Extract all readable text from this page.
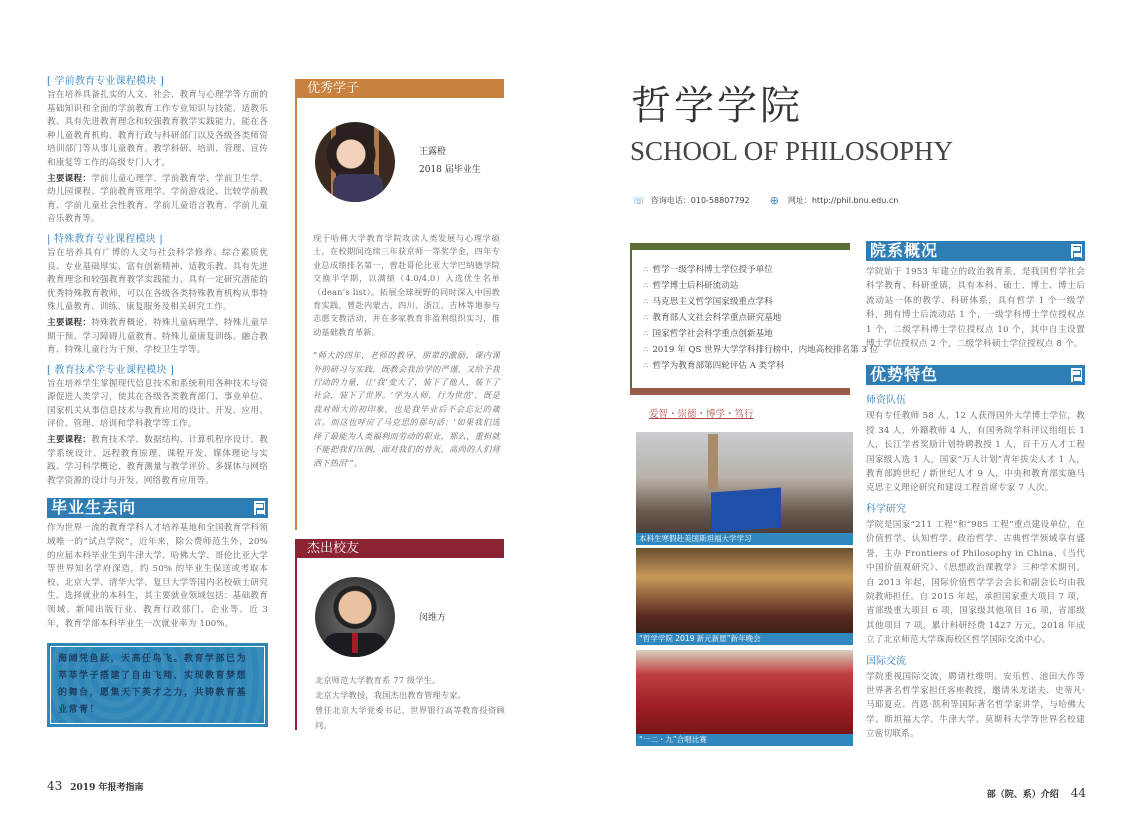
[ 学前教育专业课程模块 ]
旨在培养具备扎实的人文、社会、教育与心理学等方面的基础知识和全面的学前教育工作专业知识与技能、适教乐教、具有先进教育理念和较强教育教学实践能力，能在各种儿童教育机构、教育行政与科研部门以及各级各类师资培训部门等从事儿童教育、教学科研、培训、管理、宣传和康复等工作的高级专门人才。
主要课程：学前儿童心理学、学前教育学、学前卫生学、幼儿园课程、学前教育管理学、学前游戏论、比较学前教育、学前儿童社会性教育、学前儿童语言教育、学前儿童音乐教育等。
| 特殊教育专业课程模块 |
旨在培养具有广博的人文与社会科学修养、综合素质优良、专业基础厚实、富有创新精神、适教乐教、具有先进教育理念和较强教育教学实践能力、具有一定研究潜能的优秀特殊教育教师，可以在各级各类特殊教育机构从事特殊儿童教育、训练、康复服务及相关研究工作。
主要课程：特殊教育概论、特殊儿童病理学、特殊儿童早期干预、学习障碍儿童教育、特殊儿童康复训练、融合教育、特殊儿童行为干预、学校卫生学等。
[ 教育技术学专业课程模块 ]
旨在培养学生掌握现代信息技术和系统利用各种技术与资源促进人类学习，使其在各级各类教育部门、事业单位、国家机关从事信息技术与教育应用的设计、开发、应用、评价、管理、培训和学科教学等工作。
主要课程：教育技术学、数据结构、计算机程序设计、教学系统设计、远程教育原理、课程开发、媒体理论与实践、学习科学概论、教育测量与教学评价、多媒体与网络教学资源的设计与开发、网络教育应用等。
毕业生去向
作为世界一流的教育学科人才培养基地和全国教育学科领域唯一的“试点学院”，近年来，除公费师范生外，20% 的应届本科毕业生到牛津大学、哈佛大学、哥伦比亚大学等世界知名学府深造，约 50% 的毕业生保送或考取本校、北京大学、清华大学、复旦大学等国内名校硕士研究生。选择就业的本科生，其主要就业领域包括：基础教育领域、新闻出版行业、教育行政部门、企业等。近 3 年，教育学部本科毕业生一次就业率为 100%。
海阔凭鱼跃，天高任鸟飞。教育学部已为莘莘学子搭建了自由飞翔、实现教育梦想的舞台，愿集天下英才之力，共铸教育基业常青！
43 2019 年报考指南
优秀学子
王露橙
2018 届毕业生
现于哈佛大学教育学院攻读人类发展与心理学硕士，在校期间连续三年获京师一等奖学金，四年专业总成绩排名第一，曾赴哥伦比亚大学巴纳德学院交换半学期，以满绩（4.0/4.0）入选优生名单（dean’s list）。拓展全球视野的同时深入中国教育实践，曾赴内蒙古、四川、浙江、吉林等地参与志愿支教活动，并在多家教育非盈利组织实习，推动基础教育革新。
“师大的四年，老师的教导，朋辈的激励，课内课外的研习与实践，既教会我治学的严谨，又给予我行动的力量，让‘我’变大了，装下了他人，装下了社会，装下了世界。‘学为人师，行为世范’，既是我对师大的初印象，也是我毕业后不会忘记的箴言。而这也呼应了马克思的那句话：‘如果我们选择了最能为人类福利而劳动的职业，那么，重担就不能把我们压倒，面对我们的骨灰，高尚的人们将洒下热泪’”。
杰出校友
闵维方
北京师范大学教育系 77 级学生。
北京大学教授，我国杰出教育管理专家。
曾任北京大学党委书记、世界银行高等教育投资顾问。
哲学学院
SCHOOL OF PHILOSOPHY
☏ 咨询电话：010-58807792 ⊕ 网址：http://phil.bnu.edu.cn
∴ 哲学一级学科博士学位授予单位
∴ 哲学博士后科研流动站
∴ 马克思主义哲学国家级重点学科
∴ 教育部人文社会科学重点研究基地
∴ 国家哲学社会科学重点创新基地
∴ 2019 年 QS 世界大学学科排行榜中，内地高校排名第 3 位
∴ 哲学为教育部第四轮评估 A 类学科
爱智・崇德・博学・笃行
本科生寒假赴美国斯坦福大学学习
“哲学学院 2019 新元新愿”新年晚会
“一二・九”合唱比赛
院系概况
学院始于 1953 年建立的政治教育系，是我国哲学社会科学教育、科研重镇，具有本科、硕士、博士、博士后流动站一体的教学、科研体系，具有哲学 1 个一级学科，拥有博士后流动站 1 个，一级学科博士学位授权点 1 个，二级学科博士学位授权点 10 个，其中自主设置博士学位授权点 2 个，二级学科硕士学位授权点 8 个。
优势特色
师资队伍
现有专任教师 58 人，12 人获得国外大学博士学位，教授 34 人，外籍教师 4 人，有国务院学科评议组组长 1 人，长江学者奖励计划特聘教授 1 人，百千万人才工程国家级人选 1 人，国家“万人计划”青年拔尖人才 1 人，教育部跨世纪 / 新世纪人才 9 人，中央和教育部实施马克思主义理论研究和建设工程首席专家 7 人次。
科学研究
学院是国家“211 工程”和“985 工程”重点建设单位，在价值哲学、认知哲学、政治哲学、古典哲学领域享有盛誉，主办 Frontiers of Philosophy in China、《当代中国价值观研究》、《思想政治课教学》三种学术期刊。自 2013 年起，国际价值哲学学会会长和副会长均由我院教师担任。自 2015 年起，承担国家重大项目 7 项，省部级重大项目 6 项，国家级其他项目 16 项，省部级其他项目 7 项，累计科研经费 1427 万元。2018 年成立了北京师范大学珠海校区哲学国际交流中心。
国际交流
学院重视国际交流，聘请杜维明、安乐哲、池田大作等世界著名哲学家担任客座教授，邀请米龙诺夫、史蒂凡·马耶夏克、肖恩·凯利等国际著名哲学家讲学，与哈佛大学、斯坦福大学、牛津大学、莫斯科大学等世界名校建立密切联系。
部（院、系）介绍 44
